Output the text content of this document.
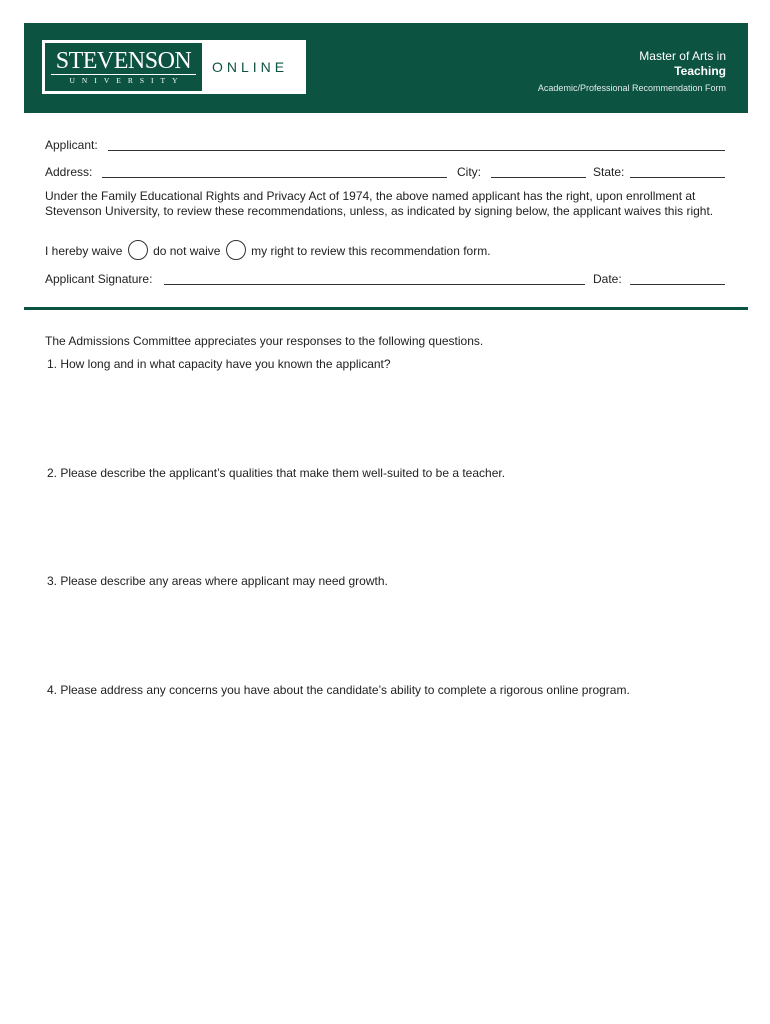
STEVENSON
UNIVERSITY
ONLINE
Master of Arts in
Teaching
Academic/Professional Recommendation Form
Applicant:
Address:	City:	State:
Under the Family Educational Rights and Privacy Act of 1974, the above named applicant has the right, upon enrollment at Stevenson University, to review these recommendations, unless, as indicated by signing below, the applicant waives this right.
I hereby waive	do not waive	my right to review this recommendation form.
Applicant Signature:	Date:
The Admissions Committee appreciates your responses to the following questions.
1. How long and in what capacity have you known the applicant?
2. Please describe the applicant’s qualities that make them well-suited to be a teacher.
3. Please describe any areas where applicant may need growth.
4. Please address any concerns you have about the candidate’s ability to complete a rigorous online program.
